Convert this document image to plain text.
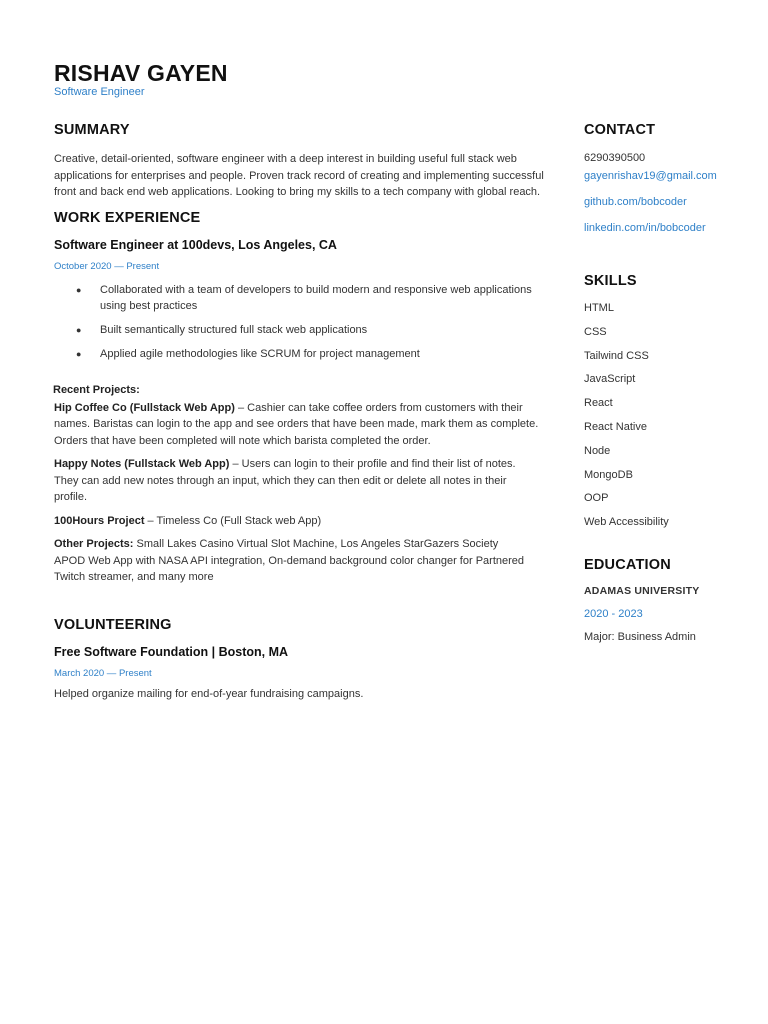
RISHAV GAYEN
Software Engineer
SUMMARY

Creative, detail-oriented, software engineer with a deep interest in building useful full stack web applications for enterprises and people. Proven track record of creating and implementing successful front and back end web applications. Looking to bring my skills to a tech company with global reach.

WORK EXPERIENCE

Software Engineer at 100devs, Los Angeles, CA

October 2020 — Present
● Collaborated with a team of developers to build modern and responsive web applications using best practices
● Built semantically structured full stack web applications
● Applied agile methodologies like SCRUM for project management

Recent Projects:

Hip Coffee Co (Fullstack Web App) – Cashier can take coffee orders from customers with their names. Baristas can login to the app and see orders that have been made, mark them as complete. Orders that have been completed will note which barista completed the order.

Happy Notes (Fullstack Web App) – Users can login to their profile and find their list of notes. They can add new notes through an input, which they can then edit or delete all notes in their profile.

100Hours Project – Timeless Co (Full Stack web App)

Other Projects: Small Lakes Casino Virtual Slot Machine, Los Angeles StarGazers Society APOD Web App with NASA API integration, On-demand background color changer for Partnered Twitch streamer, and many more

VOLUNTEERING

Free Software Foundation | Boston, MA

March 2020 — Present

Helped organize mailing for end-of-year fundraising campaigns.

CONTACT

6290390500

gayenrishav19@gmail.com

github.com/bobcoder

linkedin.com/in/bobcoder

SKILLS

HTML

CSS

Tailwind CSS

JavaScript

React

React Native

Node

MongoDB

OOP

Web Accessibility

EDUCATION

ADAMAS UNIVERSITY

2020 - 2023

Major: Business Admin
